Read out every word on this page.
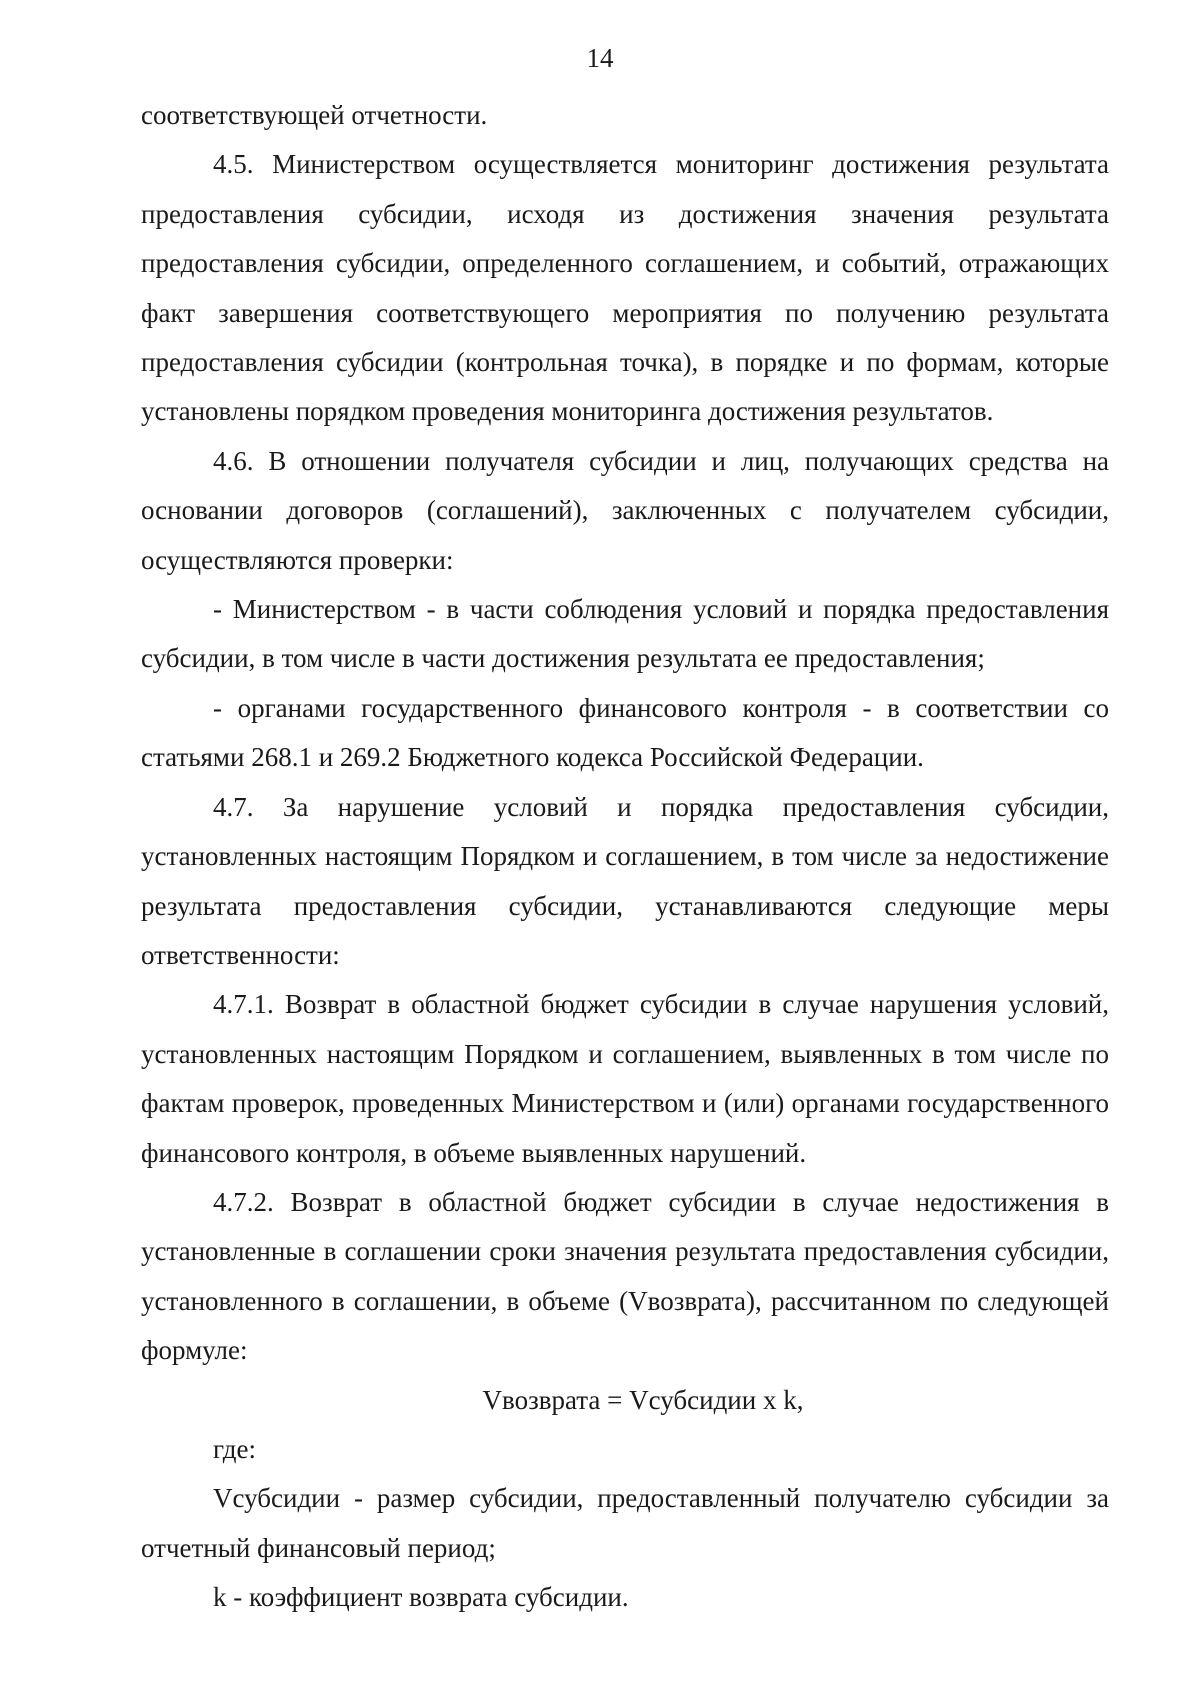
14

соответствующей отчетности.

4.5. Министерством осуществляется мониторинг достижения результата предоставления субсидии, исходя из достижения значения результата предоставления субсидии, определенного соглашением, и событий, отражающих факт завершения соответствующего мероприятия по получению результата предоставления субсидии (контрольная точка), в порядке и по формам, которые установлены порядком проведения мониторинга достижения результатов.

4.6. В отношении получателя субсидии и лиц, получающих средства на основании договоров (соглашений), заключенных с получателем субсидии, осуществляются проверки:

- Министерством - в части соблюдения условий и порядка предоставления субсидии, в том числе в части достижения результата ее предоставления;

- органами государственного финансового контроля - в соответствии со статьями 268.1 и 269.2 Бюджетного кодекса Российской Федерации.

4.7. За нарушение условий и порядка предоставления субсидии, установленных настоящим Порядком и соглашением, в том числе за недостижение результата предоставления субсидии, устанавливаются следующие меры ответственности:

4.7.1. Возврат в областной бюджет субсидии в случае нарушения условий, установленных настоящим Порядком и соглашением, выявленных в том числе по фактам проверок, проведенных Министерством и (или) органами государственного финансового контроля, в объеме выявленных нарушений.

4.7.2. Возврат в областной бюджет субсидии в случае недостижения в установленные в соглашении сроки значения результата предоставления субсидии, установленного в соглашении, в объеме (Vвозврата), рассчитанном по следующей формуле:

Vвозврата = Vсубсидии x k,

где:

Vсубсидии - размер субсидии, предоставленный получателю субсидии за отчетный финансовый период;

k - коэффициент возврата субсидии.
